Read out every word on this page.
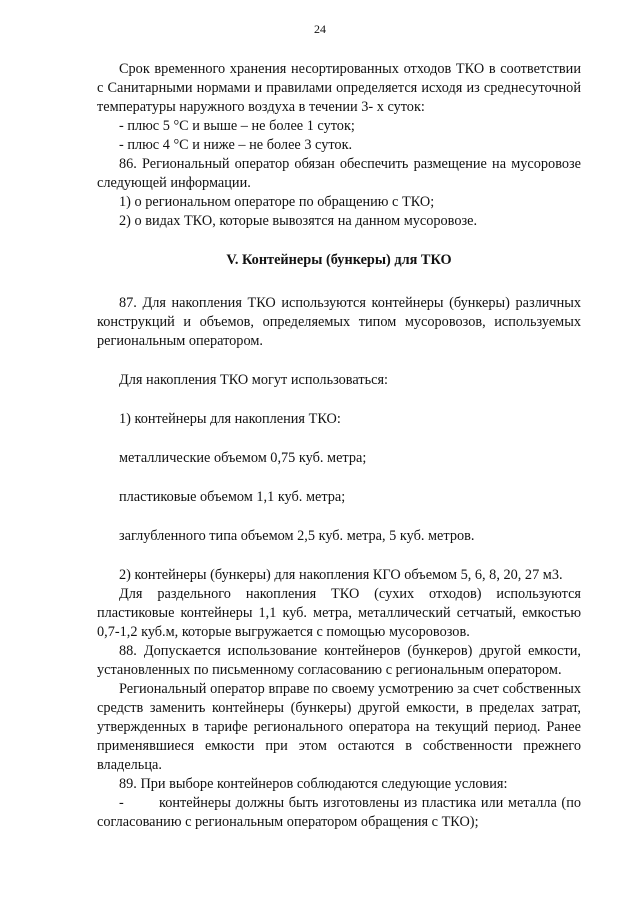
24

Срок временного хранения несортированных отходов ТКО в соответствии с Санитарными нормами и правилами определяется исходя из среднесуточной температуры наружного воздуха в течении 3- х суток:

- плюс 5 °С и выше – не более 1 суток;

- плюс 4 °С и ниже – не более 3 суток.

86. Региональный оператор обязан обеспечить размещение на мусоровозе следующей информации.

1) о региональном операторе по обращению с ТКО;

2) о видах ТКО, которые вывозятся на данном мусоровозе.

V. Контейнеры (бункеры) для ТКО

87. Для накопления ТКО используются контейнеры (бункеры) различных конструкций и объемов, определяемых типом мусоровозов, используемых региональным оператором.

Для накопления ТКО могут использоваться:

1) контейнеры для накопления ТКО:

металлические объемом 0,75 куб. метра;

пластиковые объемом 1,1 куб. метра;

заглубленного типа объемом 2,5 куб. метра, 5 куб. метров.

2) контейнеры (бункеры) для накопления КГО объемом 5, 6, 8, 20, 27 м3.

Для раздельного накопления ТКО (сухих отходов) используются пластиковые контейнеры 1,1 куб. метра, металлический сетчатый, емкостью 0,7-1,2 куб.м, которые выгружается с помощью мусоровозов.

88. Допускается использование контейнеров (бункеров) другой емкости, установленных по письменному согласованию с региональным оператором.

Региональный оператор вправе по своему усмотрению за счет собственных средств заменить контейнеры (бункеры) другой емкости, в пределах затрат, утвержденных в тарифе регионального оператора на текущий период. Ранее применявшиеся емкости при этом остаются в собственности прежнего владельца.

89. При выборе контейнеров соблюдаются следующие условия:

- контейнеры должны быть изготовлены из пластика или металла (по согласованию с региональным оператором обращения с ТКО);
